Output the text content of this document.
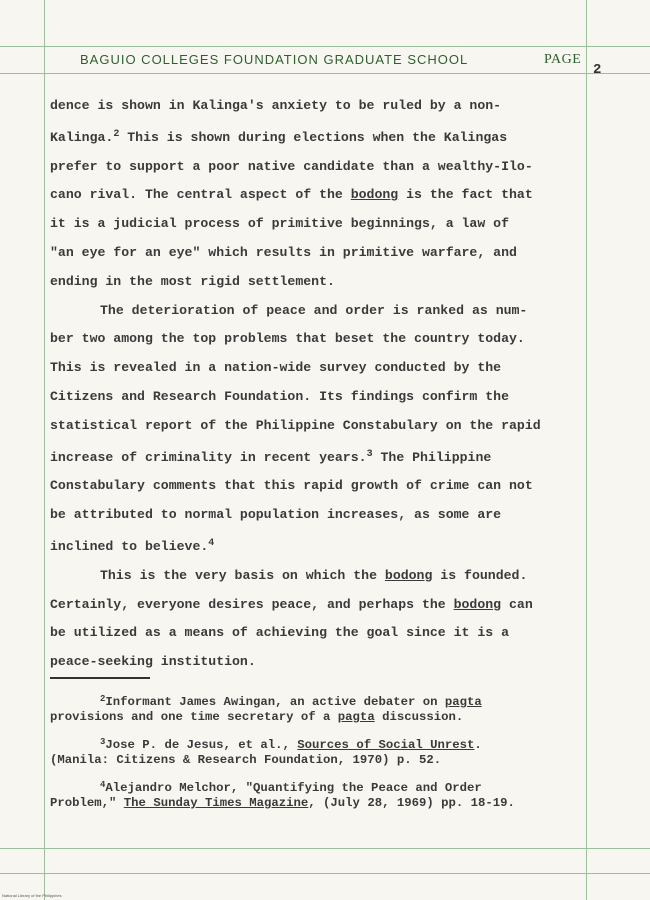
BAGUIO COLLEGES FOUNDATION GRADUATE SCHOOL	PAGE
2
dence is shown in Kalinga's anxiety to be ruled by a non-
Kalinga.$^2$ This is shown during elections when the Kalingas
prefer to support a poor native candidate than a wealthy-Ilo-
cano rival. The central aspect of the bodong is the fact that
it is a judicial process of primitive beginnings, a law of
"an eye for an eye" which results in primitive warfare, and
ending in the most rigid settlement.
The deterioration of peace and order is ranked as num-
ber two among the top problems that beset the country today.
This is revealed in a nation-wide survey conducted by the
Citizens and Research Foundation. Its findings confirm the
statistical report of the Philippine Constabulary on the rapid
increase of criminality in recent years.$^3$ The Philippine
Constabulary comments that this rapid growth of crime can not
be attributed to normal population increases, as some are
inclined to believe.$^4$
This is the very basis on which the bodong is founded.
Certainly, everyone desires peace, and perhaps the bodong can
be utilized as a means of achieving the goal since it is a
peace-seeking institution.
$^2$Informant James Awingan, an active debater on pagta
provisions and one time secretary of a pagta discussion.
$^3$Jose P. de Jesus, et al., Sources of Social Unrest.
(Manila: Citizens & Research Foundation, 1970) p. 52.
$^4$Alejandro Melchor, "Quantifying the Peace and Order
Problem," The Sunday Times Magazine, (July 28, 1969) pp. 18-19.
National Library of the Philippines
